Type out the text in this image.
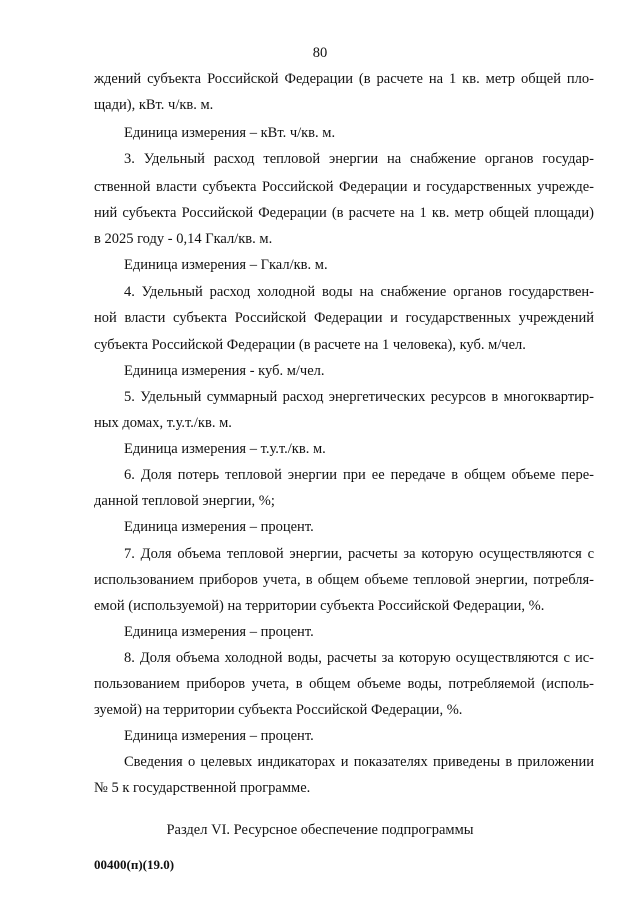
80
ждений субъекта Российской Федерации (в расчете на 1 кв. метр общей пло-
щади), кВт. ч/кв. м.
Единица измерения – кВт. ч/кв. м.
3. Удельный расход тепловой энергии на снабжение органов государ-
ственной власти субъекта Российской Федерации и государственных учрежде-
ний субъекта Российской Федерации (в расчете на 1 кв. метр общей площади)
в 2025 году - 0,14 Гкал/кв. м.
Единица измерения – Гкал/кв. м.
4. Удельный расход холодной воды на снабжение органов государствен-
ной власти субъекта Российской Федерации и государственных учреждений
субъекта Российской Федерации (в расчете на 1 человека), куб. м/чел.
Единица измерения - куб. м/чел.
5. Удельный суммарный расход энергетических ресурсов в многоквартир-
ных домах, т.у.т./кв. м.
Единица измерения – т.у.т./кв. м.
6. Доля потерь тепловой энергии при ее передаче в общем объеме пере-
данной тепловой энергии, %;
Единица измерения – процент.
7. Доля объема тепловой энергии, расчеты за которую осуществляются с
использованием приборов учета, в общем объеме тепловой энергии, потребля-
емой (используемой) на территории субъекта Российской Федерации, %.
Единица измерения – процент.
8. Доля объема холодной воды, расчеты за которую осуществляются с ис-
пользованием приборов учета, в общем объеме воды, потребляемой (исполь-
зуемой) на территории субъекта Российской Федерации, %.
Единица измерения – процент.
Сведения о целевых индикаторах и показателях приведены в приложении
№ 5 к государственной программе.
Раздел VI. Ресурсное обеспечение подпрограммы
00400(п)(19.0)
